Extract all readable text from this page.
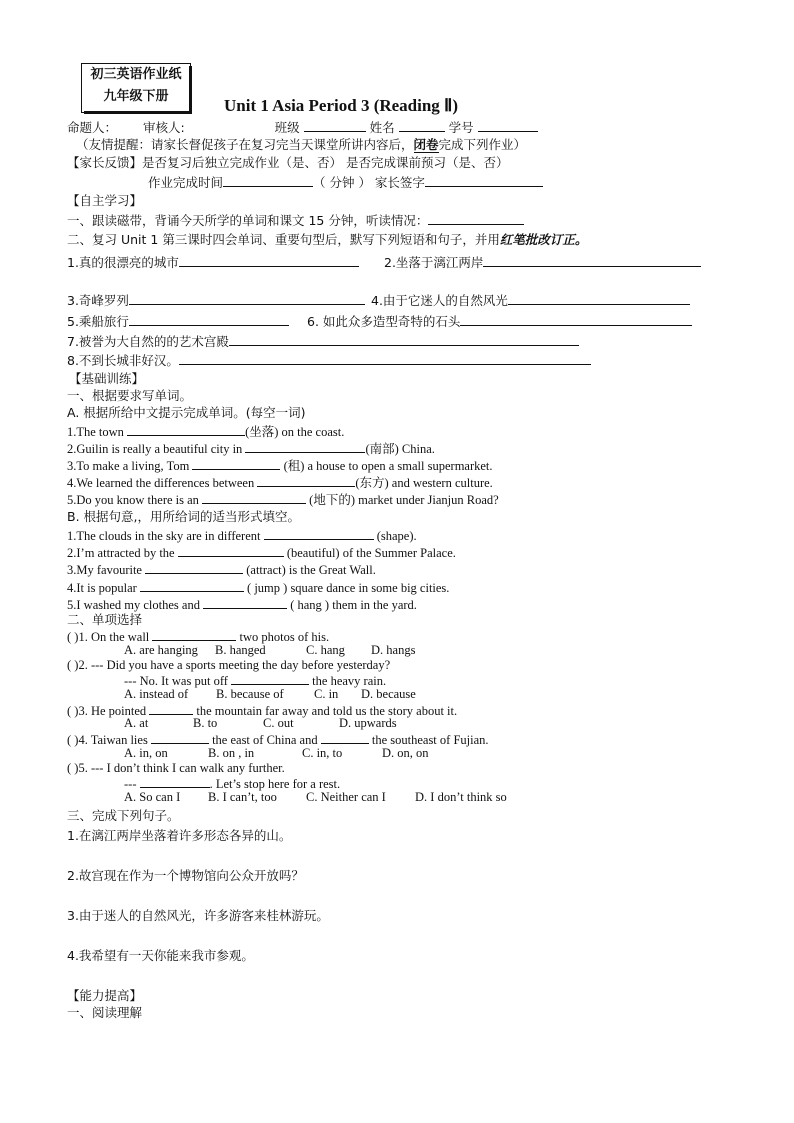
初三英语作业纸
九年级下册	Unit 1 Asia Period 3 (Reading Ⅱ)
命题人： 审核人:	班级	姓名	学号
（友情提醒：请家长督促孩子在复习完当天课堂所讲内容后，闭卷完成下列作业）
【家长反馈】是否复习后独立完成作业（是、否） 是否完成课前预习（是、否）
作业完成时间	（ 分钟 ） 家长签字
【自主学习】
一、跟读磁带，背诵今天所学的单词和课文 15 分钟，听读情况：
二、复习 Unit 1 第三课时四会单词、重要句型后，默写下列短语和句子，并用红笔批改订正。
1.真的很漂亮的城市	2.坐落于漓江两岸
3.奇峰罗列	4.由于它迷人的自然风光
5.乘船旅行	6. 如此众多造型奇特的石头
7.被誉为大自然的的艺术宫殿
8.不到长城非好汉。
【基础训练】
一、根据要求写单词。
A. 根据所给中文提示完成单词。(每空一词)
1.The town	(坐落) on the coast.
2.Guilin is really a beautiful city in	(南部) China.
3.To make a living, Tom	(租) a house to open a small supermarket.
4.We learned the differences between	(东方) and western culture.
5.Do you know there is an	(地下的) market under Jianjun Road?
B. 根据句意,，用所给词的适当形式填空。
1.The clouds in the sky are in different	(shape).
2.I’m attracted by the	(beautiful) of the Summer Palace.
3.My favourite	(attract) is the Great Wall.
4.It is popular	( jump ) square dance in some big cities.
5.I washed my clothes and	( hang ) them in the yard.
二、单项选择
( )1. On the wall	two photos of his.
A. are hanging B. hanged	C. hang D. hangs
( )2. --- Did you have a sports meeting the day before yesterday?
--- No. It was put off	the heavy rain.
A. instead of B. because of C. in D. because
( )3. He pointed	the mountain far away and told us the story about it.
A. at	B. to	C. out	D. upwards
( )4. Taiwan lies	the east of China and	the southeast of Fujian.
A. in, on	B. on , in	C. in, to	D. on, on
( )5. --- I don’t think I can walk any further.
---	. Let’s stop here for a rest.
A. So can I B. I can’t, too C. Neither can I D. I don’t think so
三、完成下列句子。
1.在漓江两岸坐落着许多形态各异的山。
2.故宫现在作为一个博物馆向公众开放吗？
3.由于迷人的自然风光，许多游客来桂林游玩。
4.我希望有一天你能来我市参观。
【能力提高】
一、阅读理解
